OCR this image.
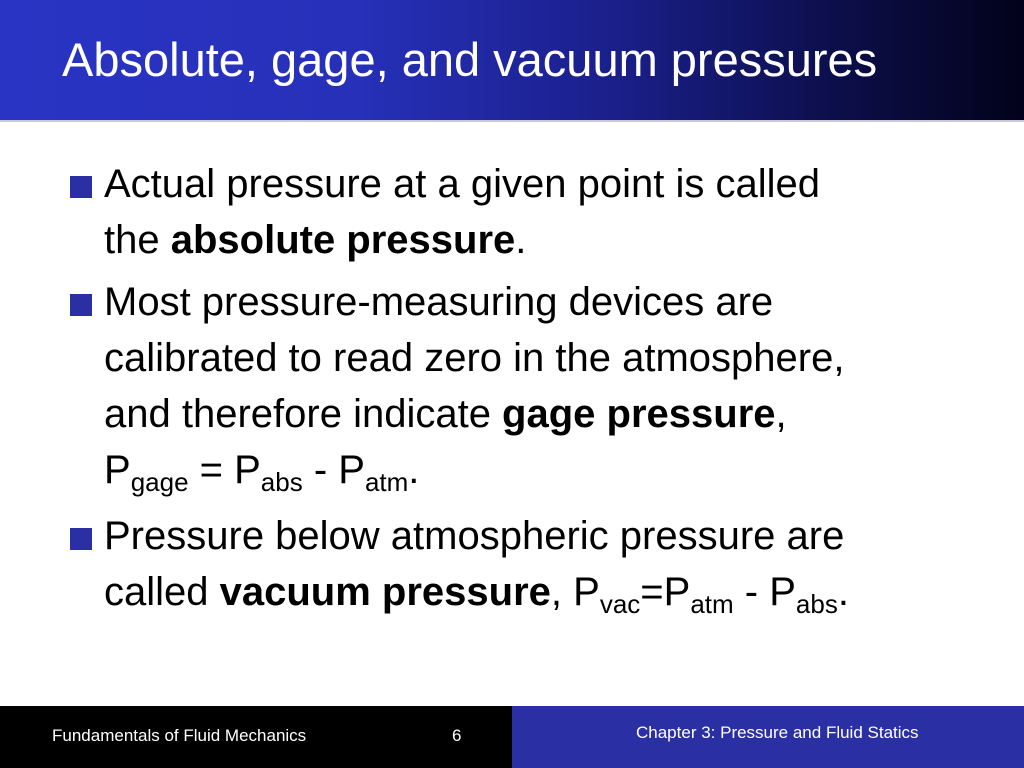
Absolute, gage, and vacuum pressures
Actual pressure at a given point is called
the absolute pressure.
Most pressure-measuring devices are
calibrated to read zero in the atmosphere,
and therefore indicate gage pressure,
$P_{gage} = P_{abs} - P_{atm}$.
Pressure below atmospheric pressure are
called vacuum pressure, $P_{vac}=P_{atm} - P_{abs}$.
Fundamentals of Fluid Mechanics	6	Chapter 3: Pressure and Fluid Statics
